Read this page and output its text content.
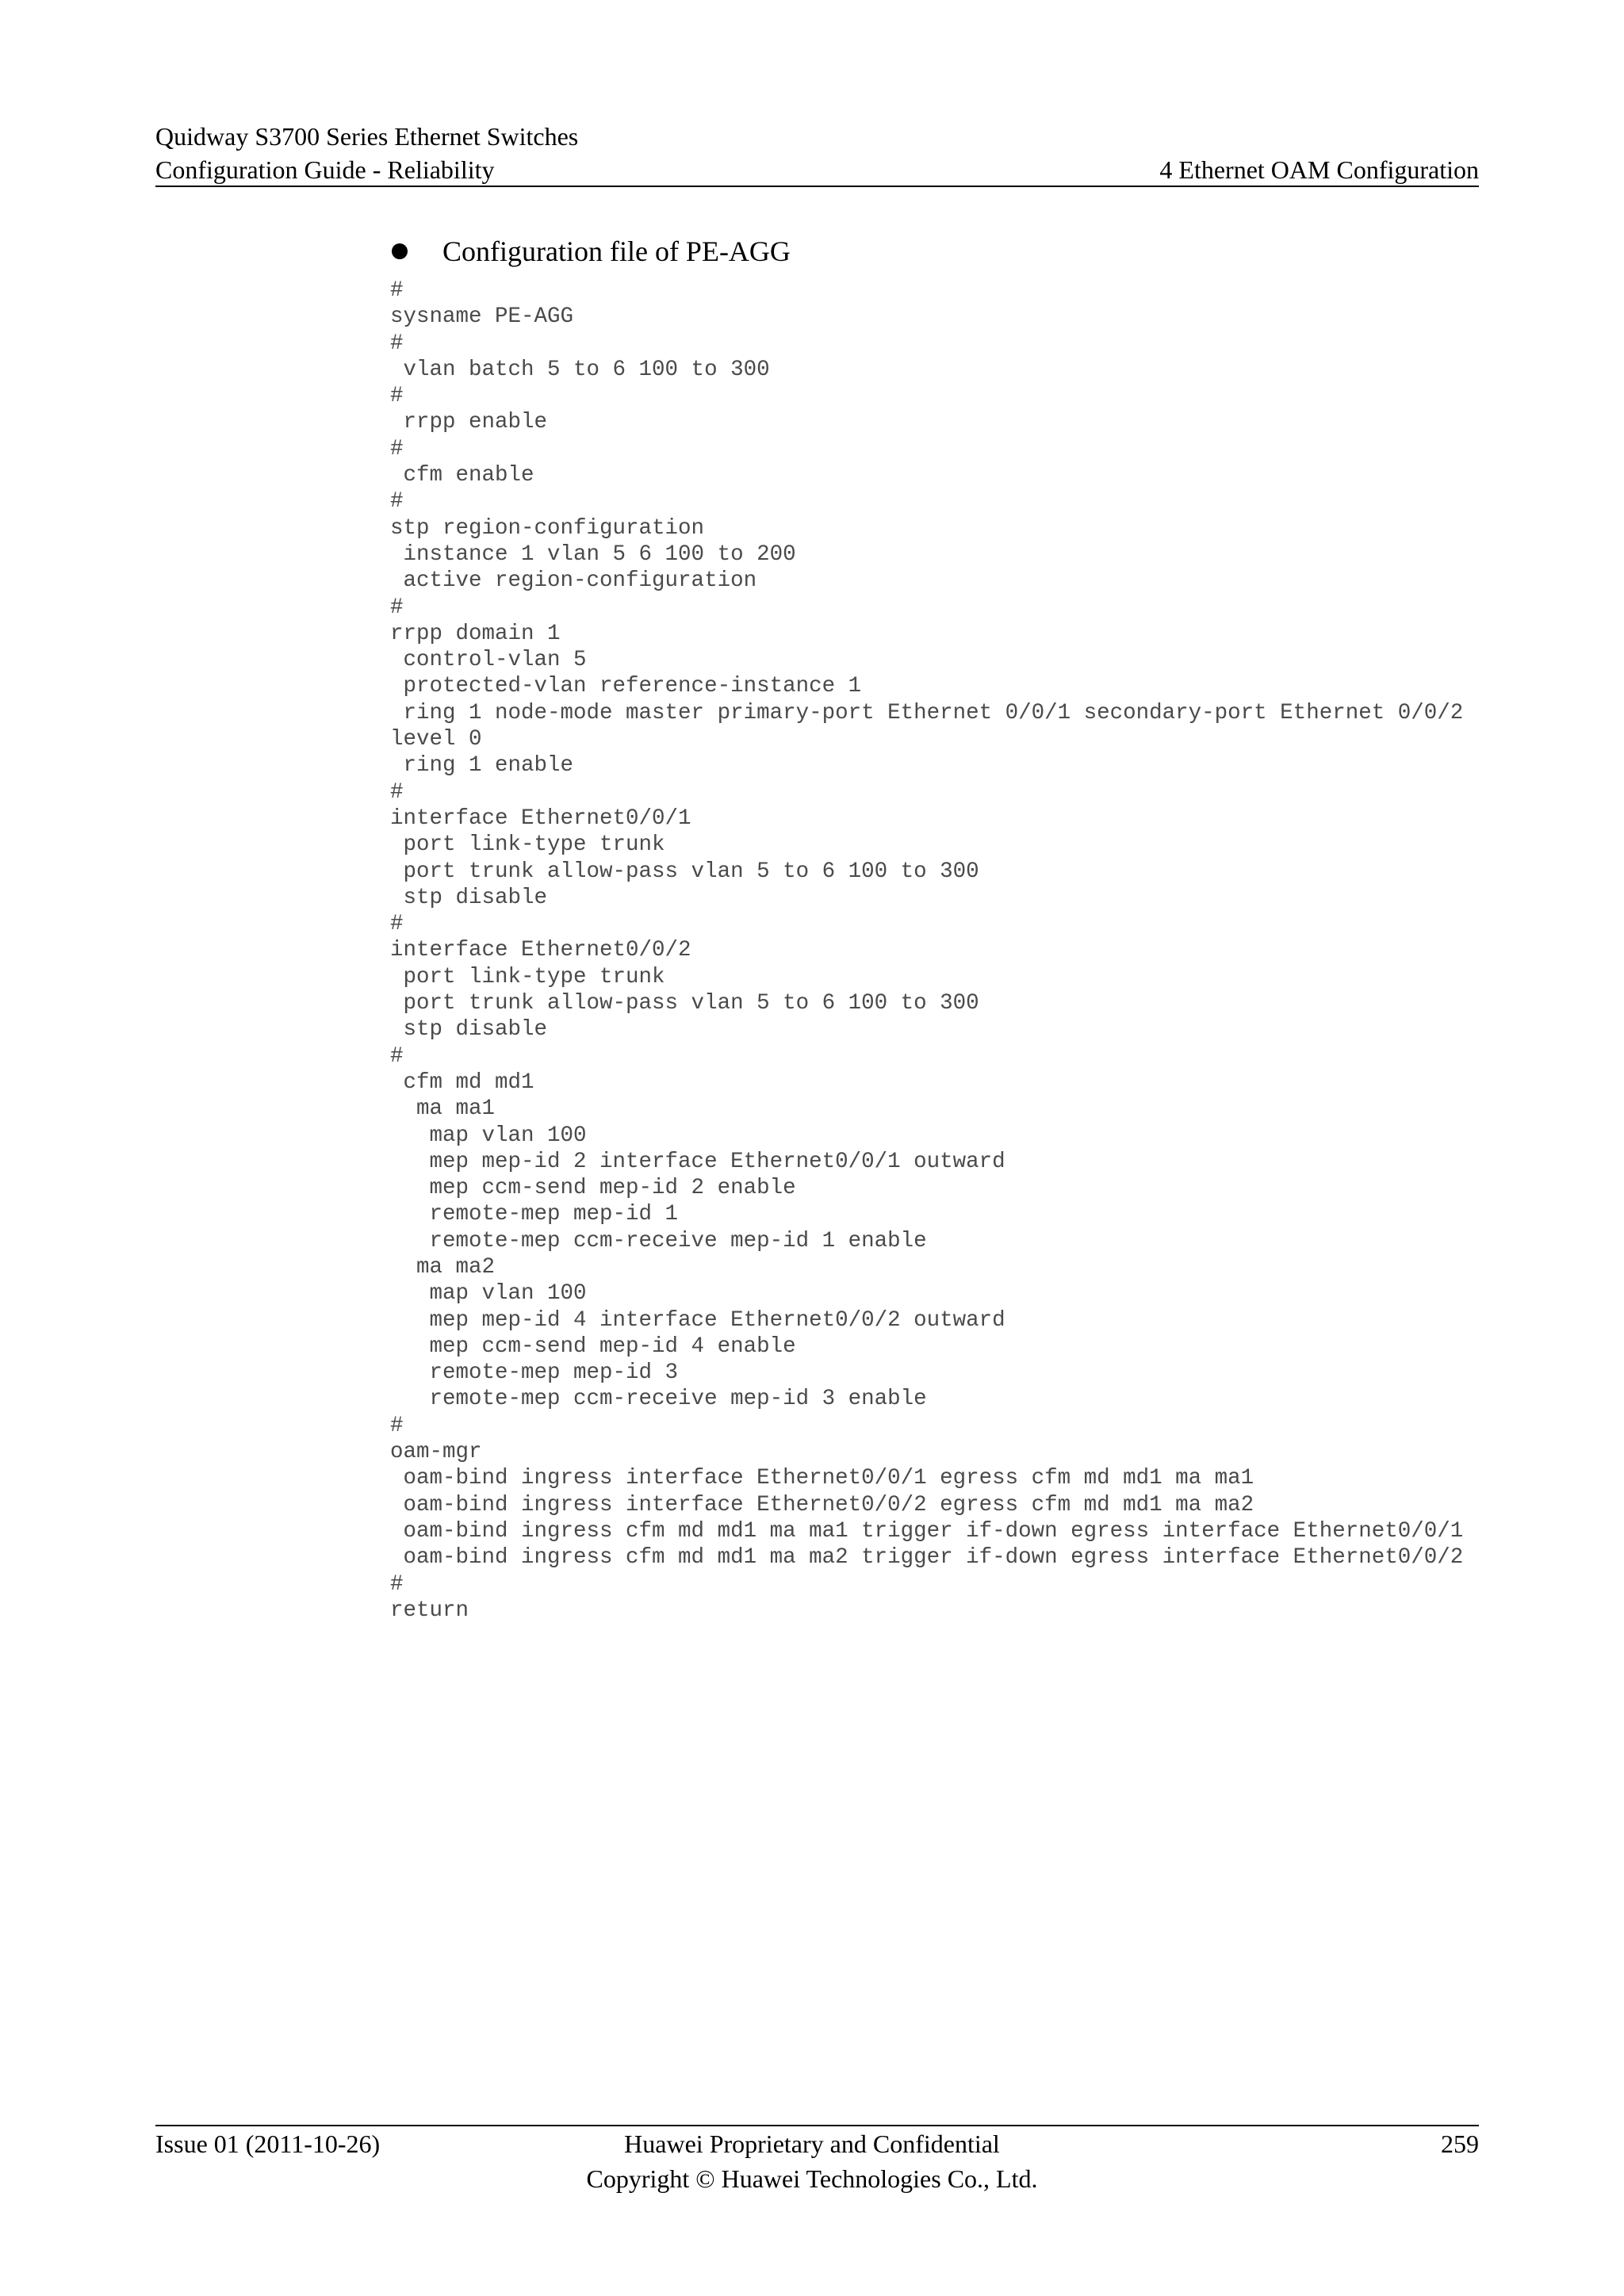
Quidway S3700 Series Ethernet Switches
Configuration Guide - Reliability	4 Ethernet OAM Configuration
Configuration file of PE-AGG
#
sysname PE-AGG
#
vlan batch 5 to 6 100 to 300
#
rrpp enable
#
cfm enable
#
stp region-configuration
instance 1 vlan 5 6 100 to 200
active region-configuration
#
rrpp domain 1
control-vlan 5
protected-vlan reference-instance 1
ring 1 node-mode master primary-port Ethernet 0/0/1 secondary-port Ethernet 0/0/2
level 0
ring 1 enable
#
interface Ethernet0/0/1
port link-type trunk
port trunk allow-pass vlan 5 to 6 100 to 300
stp disable
#
interface Ethernet0/0/2
port link-type trunk
port trunk allow-pass vlan 5 to 6 100 to 300
stp disable
#
cfm md md1
ma ma1
map vlan 100
mep mep-id 2 interface Ethernet0/0/1 outward
mep ccm-send mep-id 2 enable
remote-mep mep-id 1
remote-mep ccm-receive mep-id 1 enable
ma ma2
map vlan 100
mep mep-id 4 interface Ethernet0/0/2 outward
mep ccm-send mep-id 4 enable
remote-mep mep-id 3
remote-mep ccm-receive mep-id 3 enable
#
oam-mgr
oam-bind ingress interface Ethernet0/0/1 egress cfm md md1 ma ma1
oam-bind ingress interface Ethernet0/0/2 egress cfm md md1 ma ma2
oam-bind ingress cfm md md1 ma ma1 trigger if-down egress interface Ethernet0/0/1
oam-bind ingress cfm md md1 ma ma2 trigger if-down egress interface Ethernet0/0/2
#
return
Issue 01 (2011-10-26)	Huawei Proprietary and Confidential
Copyright © Huawei Technologies Co., Ltd.
259
